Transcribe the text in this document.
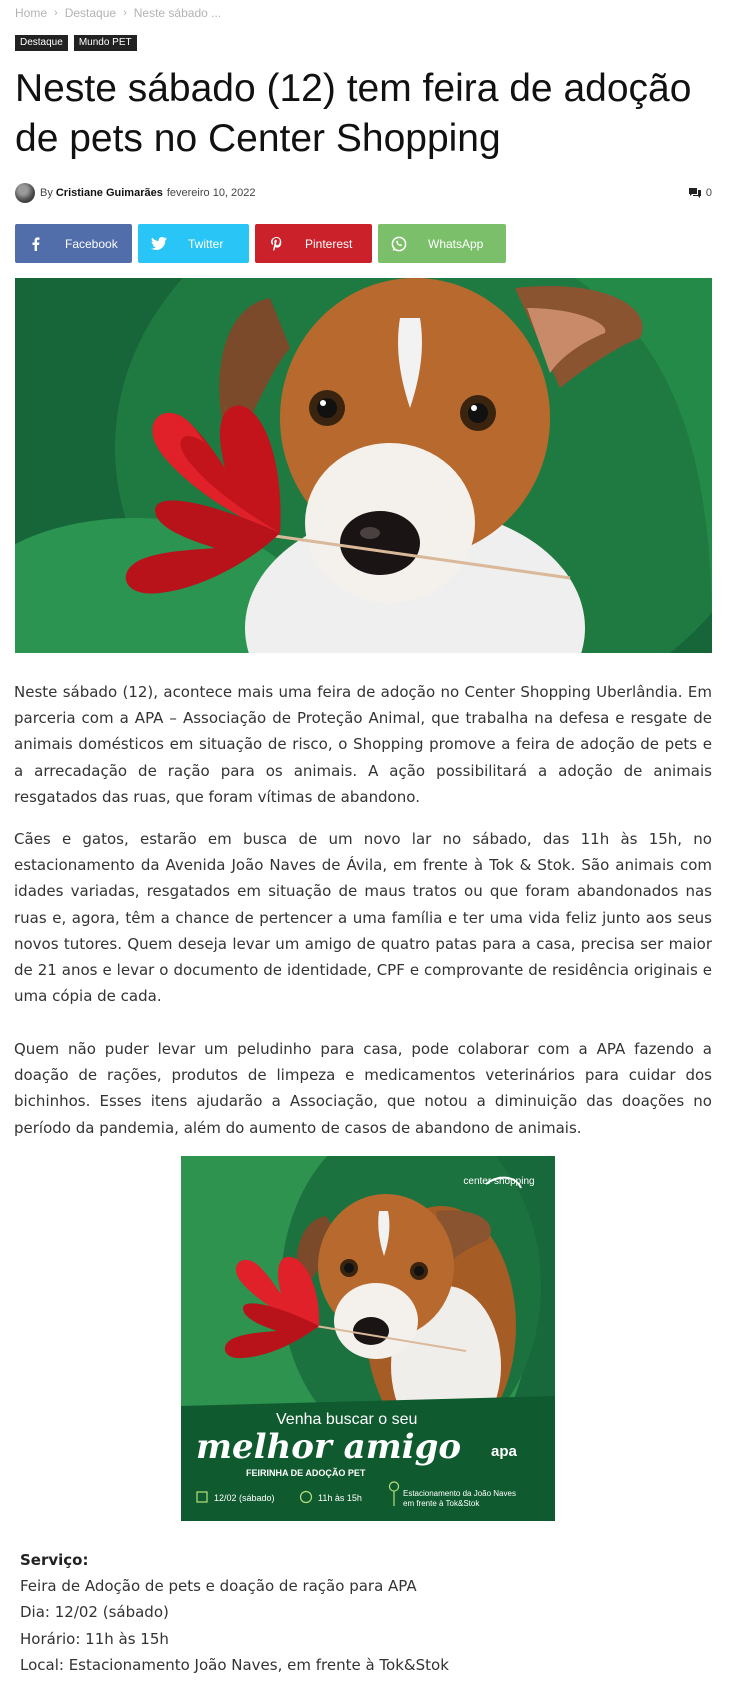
Home › Destaque › Neste sábado ...
Destaque	Mundo PET
Neste sábado (12) tem feira de adoção de pets no Center Shopping
By Cristiane Guimarães fevereiro 10, 2022	0
Facebook	Twitter	Pinterest	WhatsApp

Neste sábado (12), acontece mais uma feira de adoção no Center Shopping Uberlândia. Em parceria com a APA – Associação de Proteção Animal, que trabalha na defesa e resgate de animais domésticos em situação de risco, o Shopping promove a feira de adoção de pets e a arrecadação de ração para os animais. A ação possibilitará a adoção de animais resgatados das ruas, que foram vítimas de abandono.

Cães e gatos, estarão em busca de um novo lar no sábado, das 11h às 15h, no estacionamento da Avenida João Naves de Ávila, em frente à Tok & Stok. São animais com idades variadas, resgatados em situação de maus tratos ou que foram abandonados nas ruas e, agora, têm a chance de pertencer a uma família e ter uma vida feliz junto aos seus novos tutores. Quem deseja levar um amigo de quatro patas para a casa, precisa ser maior de 21 anos e levar o documento de identidade, CPF e comprovante de residência originais e uma cópia de cada.

Quem não puder levar um peludinho para casa, pode colaborar com a APA fazendo a doação de rações, produtos de limpeza e medicamentos veterinários para cuidar dos bichinhos. Esses itens ajudarão a Associação, que notou a diminuição das doações no período da pandemia, além do aumento de casos de abandono de animais.

center shopping
Venha buscar o seu
melhor amigo
FEIRINHA DE ADOÇÃO PET
apa
12/02 (sábado)	11h às 15h	Estacionamento da João Naves
em frente à Tok&Stok
Serviço:
Feira de Adoção de pets e doação de ração para APA
Dia: 12/02 (sábado)
Horário: 11h às 15h
Local: Estacionamento João Naves, em frente à Tok&Stok
